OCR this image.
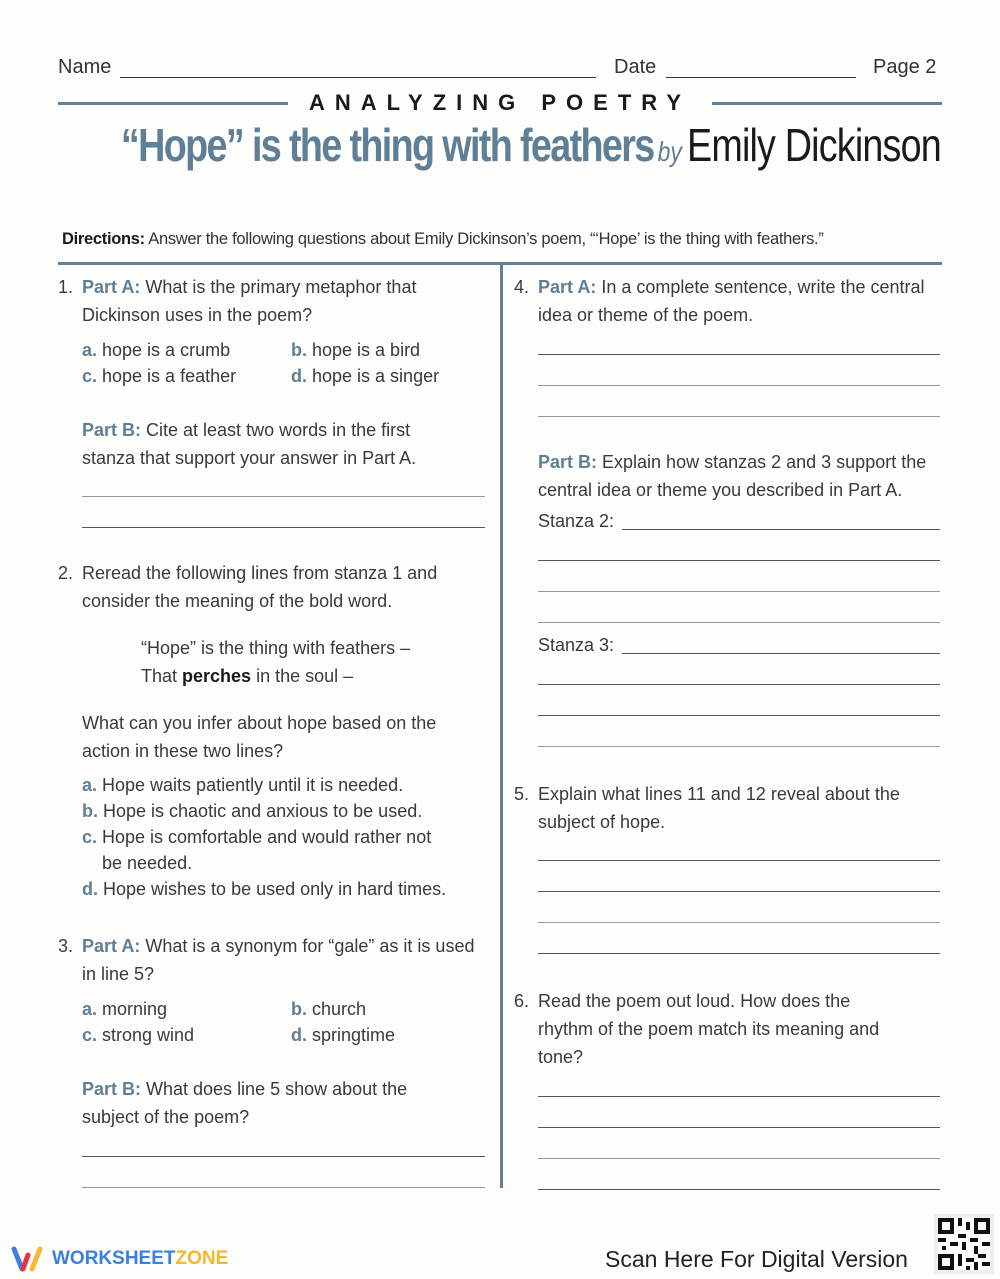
Name	Date	Page 2
ANALYZING POETRY
“Hope” is the thing with feathers by Emily Dickinson
Directions: Answer the following questions about Emily Dickinson’s poem, “‘Hope’ is the thing with feathers.”
1. Part A: What is the primary metaphor that Dickinson uses in the poem?
a. hope is a crumb	b. hope is a bird
c. hope is a feather	d. hope is a singer
Part B: Cite at least two words in the first stanza that support your answer in Part A.
2. Reread the following lines from stanza 1 and consider the meaning of the bold word.
“Hope” is the thing with feathers –
That perches in the soul –
What can you infer about hope based on the action in these two lines?
a. Hope waits patiently until it is needed.
b. Hope is chaotic and anxious to be used.
c. Hope is comfortable and would rather not
be needed.
d. Hope wishes to be used only in hard times.
3. Part A: What is a synonym for “gale” as it is used in line 5?
a. morning	b. church
c. strong wind	d. springtime
Part B: What does line 5 show about the subject of the poem?
4. Part A: In a complete sentence, write the central idea or theme of the poem.
Part B: Explain how stanzas 2 and 3 support the central idea or theme you described in Part A.
Stanza 2:
Stanza 3:
5. Explain what lines 11 and 12 reveal about the subject of hope.
6. Read the poem out loud. How does the rhythm of the poem match its meaning and tone?
WORKSHEETZONE	Scan Here For Digital Version
